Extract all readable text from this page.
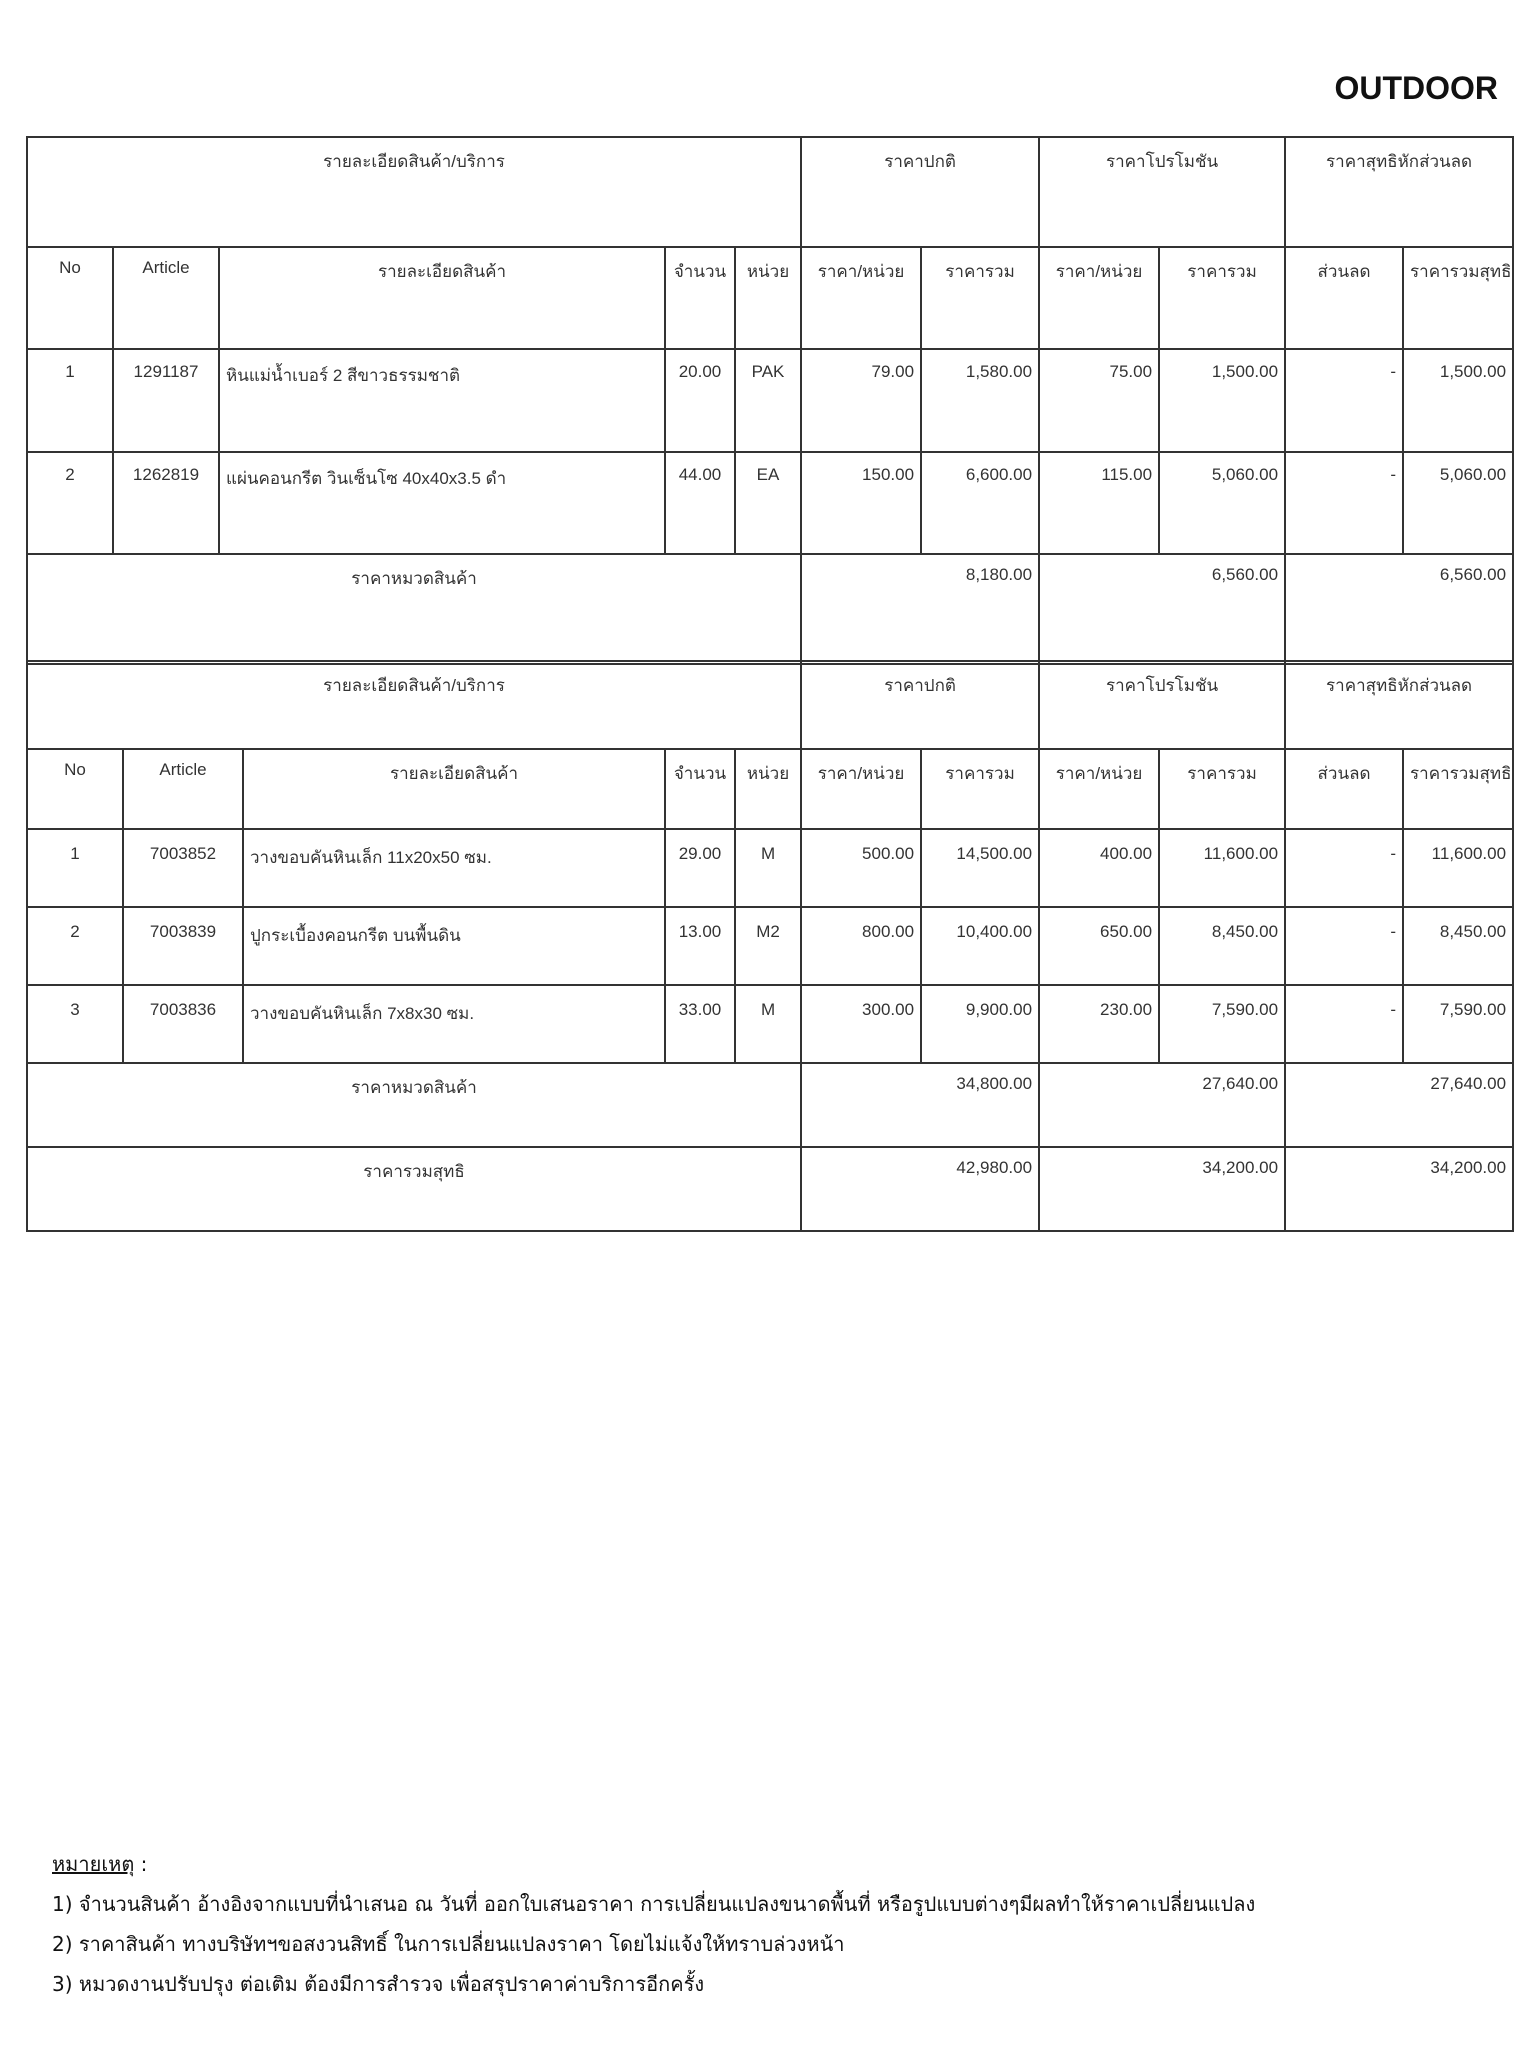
OUTDOOR
รายละเอียดสินค้า/บริการ					ราคาปกติ		ราคาโปรโมชัน		ราคาสุทธิหักส่วนลด	
No	Article	รายละเอียดสินค้า	จำนวน	หน่วย	ราคา/หน่วย	ราคารวม	ราคา/หน่วย	ราคารวม	ส่วนลด	ราคารวมสุทธิ
1	1291187	หินแม่น้ำเบอร์ 2 สีขาวธรรมชาติ	20.00	PAK	79.00	1,580.00	75.00	1,500.00	-	1,500.00
2	1262819	แผ่นคอนกรีต วินเซ็นโซ 40x40x3.5 ดำ	44.00	EA	150.00	6,600.00	115.00	5,060.00	-	5,060.00
ราคาหมวดสินค้า					8,180.00		6,560.00		6,560.00	
รายละเอียดสินค้า/บริการ					ราคาปกติ		ราคาโปรโมชัน		ราคาสุทธิหักส่วนลด	
No	Article	รายละเอียดสินค้า	จำนวน	หน่วย	ราคา/หน่วย	ราคารวม	ราคา/หน่วย	ราคารวม	ส่วนลด	ราคารวมสุทธิ
1	7003852	วางขอบคันหินเล็ก 11x20x50 ซม.	29.00	M	500.00	14,500.00	400.00	11,600.00	-	11,600.00
2	7003839	ปูกระเบื้องคอนกรีต บนพื้นดิน	13.00	M2	800.00	10,400.00	650.00	8,450.00	-	8,450.00
3	7003836	วางขอบคันหินเล็ก 7x8x30 ซม.	33.00	M	300.00	9,900.00	230.00	7,590.00	-	7,590.00
ราคาหมวดสินค้า					34,800.00		27,640.00		27,640.00	
ราคารวมสุทธิ					42,980.00		34,200.00		34,200.00	
หมายเหตุ :
1) จำนวนสินค้า อ้างอิงจากแบบที่นำเสนอ ณ วันที่ ออกใบเสนอราคา การเปลี่ยนแปลงขนาดพื้นที่ หรือรูปแบบต่างๆมีผลทำให้ราคาเปลี่ยนแปลง
2) ราคาสินค้า ทางบริษัทฯขอสงวนสิทธิ์ ในการเปลี่ยนแปลงราคา โดยไม่แจ้งให้ทราบล่วงหน้า
3) หมวดงานปรับปรุง ต่อเติม ต้องมีการสำรวจ เพื่อสรุปราคาค่าบริการอีกครั้ง
